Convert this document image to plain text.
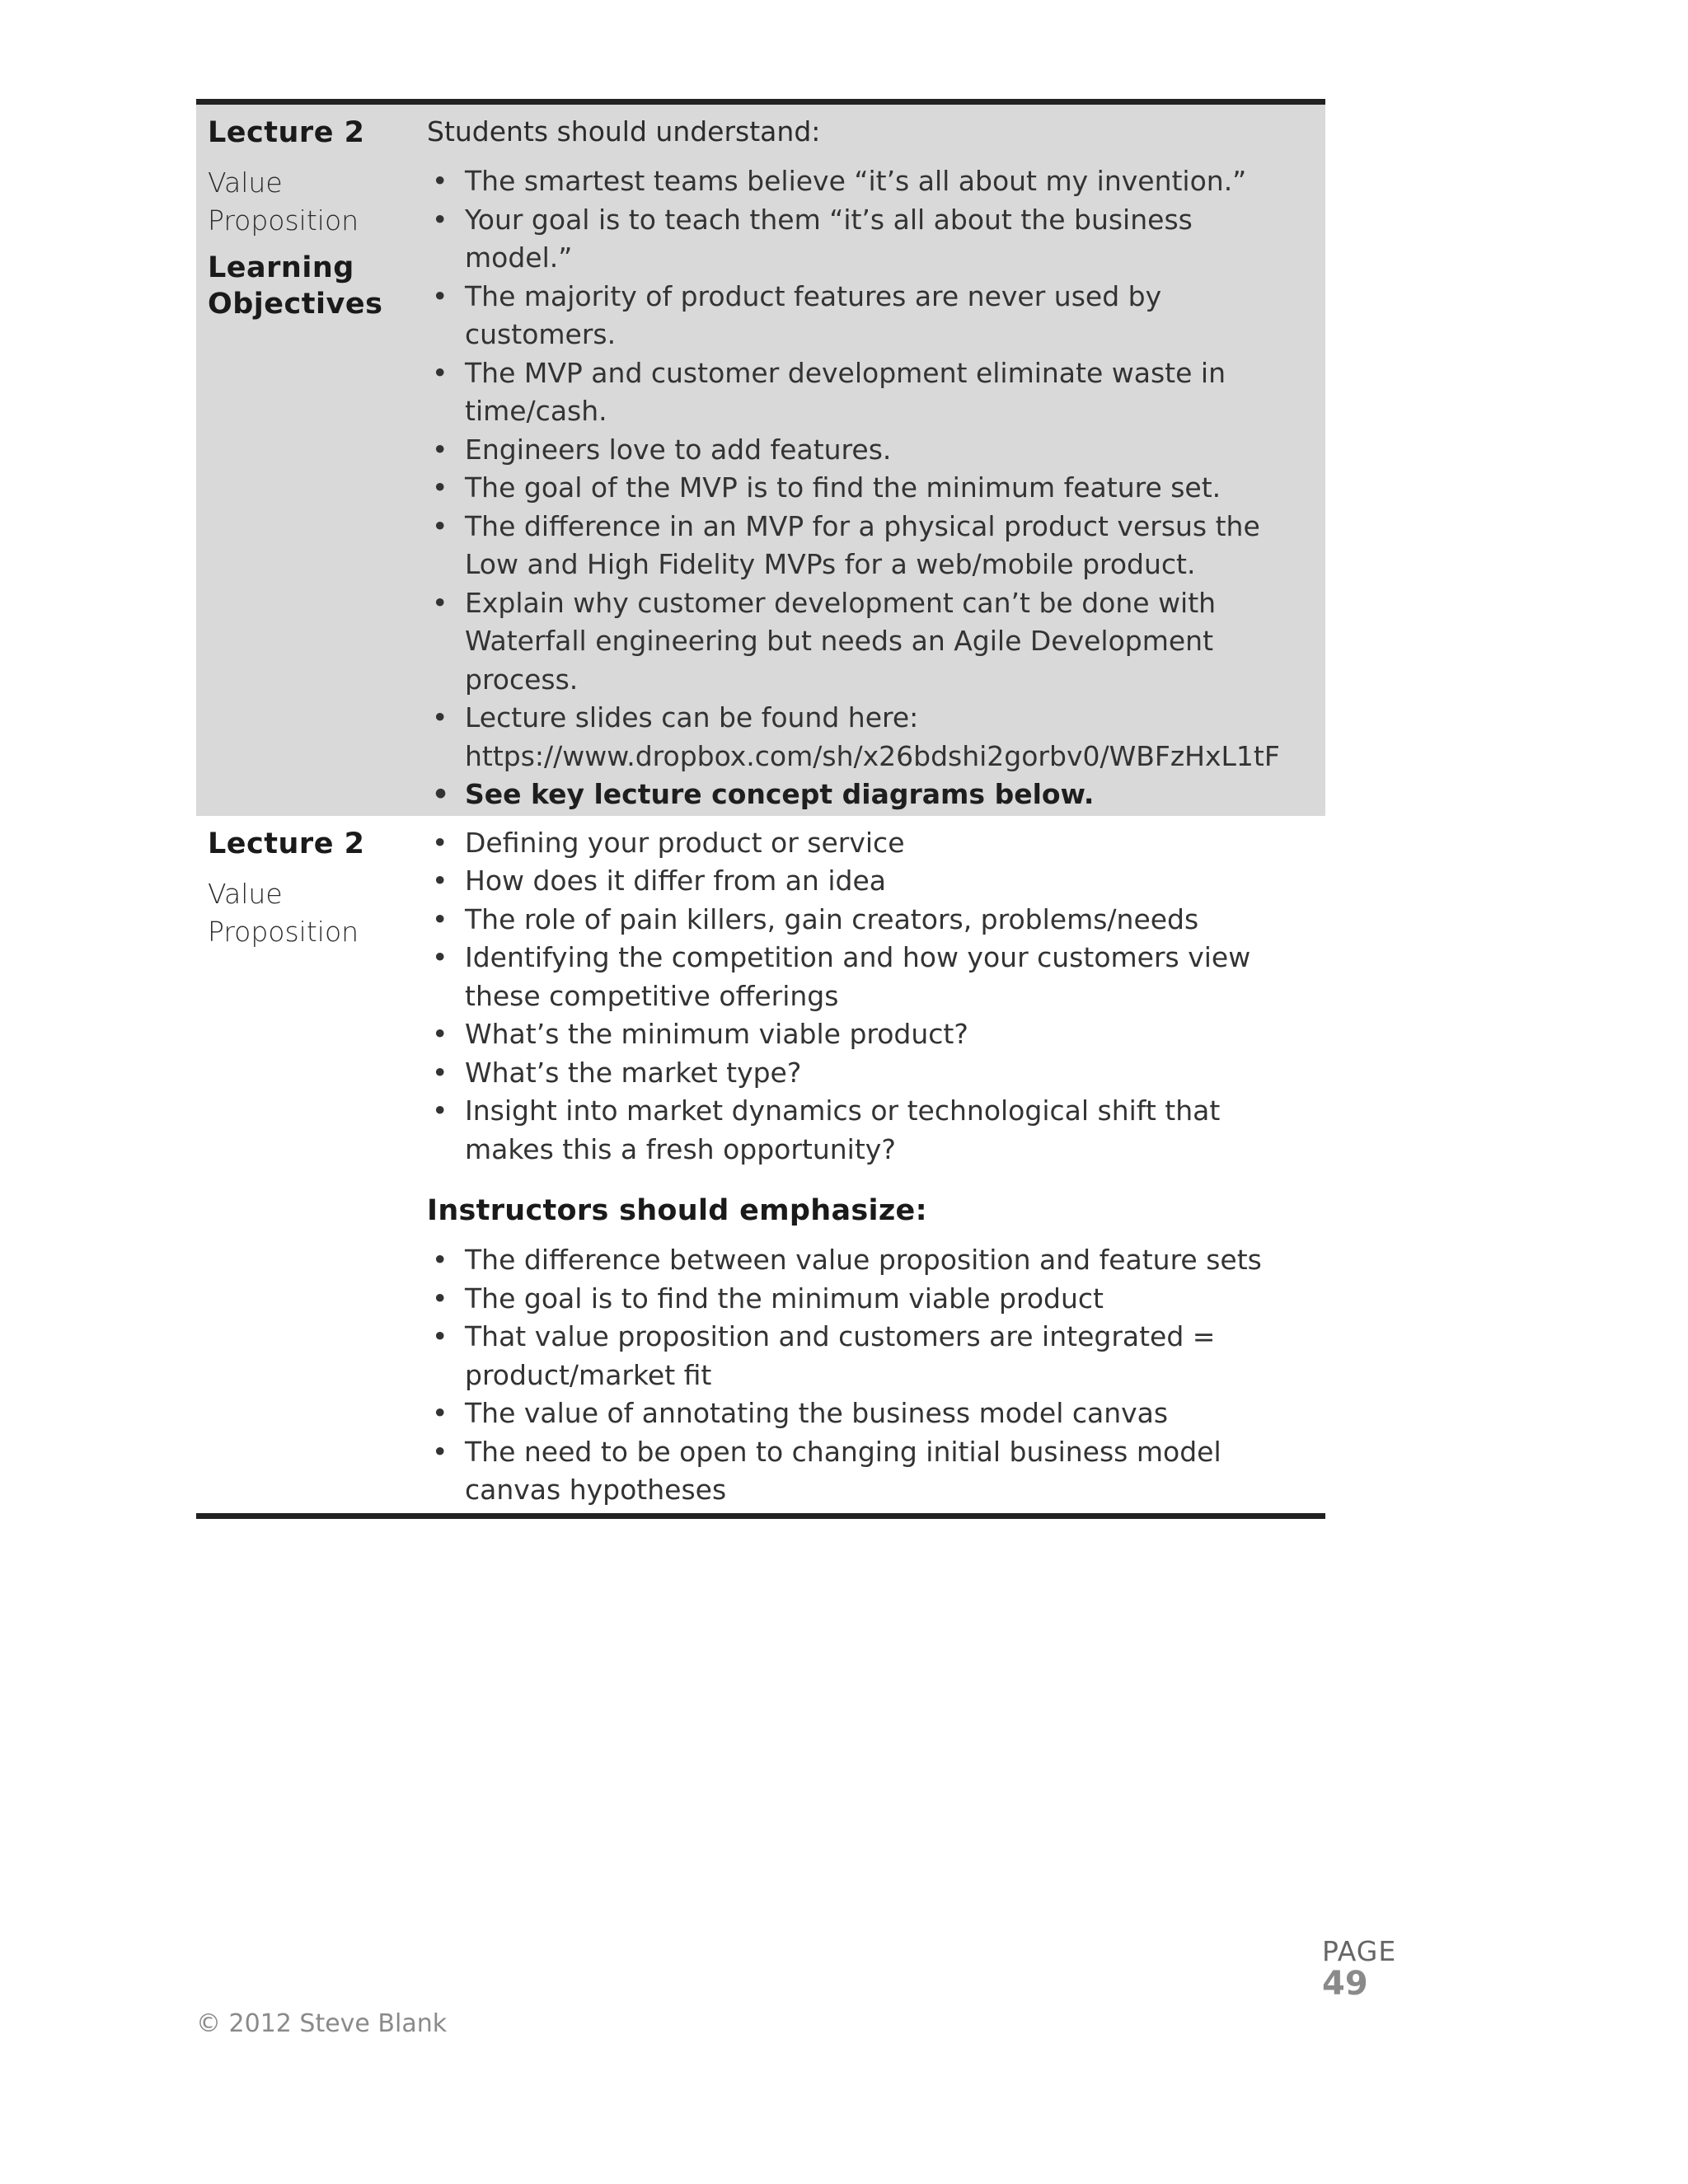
Lecture 2
Value
Proposition
Learning
Objectives
Students should understand:
• The smartest teams believe “it’s all about my invention.”
• Your goal is to teach them “it’s all about the business model.”
• The majority of product features are never used by customers.
• The MVP and customer development eliminate waste in time/cash.
• Engineers love to add features.
• The goal of the MVP is to find the minimum feature set.
• The difference in an MVP for a physical product versus the Low and High Fidelity MVPs for a web/mobile product.
• Explain why customer development can’t be done with Waterfall engineering but needs an Agile Development process.
• Lecture slides can be found here: https://www.dropbox.com/sh/x26bdshi2gorbv0/WBFzHxL1tF
• See key lecture concept diagrams below.
Lecture 2
Value
Proposition
• Defining your product or service
• How does it differ from an idea
• The role of pain killers, gain creators, problems/needs
• Identifying the competition and how your customers view these competitive offerings
• What’s the minimum viable product?
• What’s the market type?
• Insight into market dynamics or technological shift that makes this a fresh opportunity?
Instructors should emphasize:
• The difference between value proposition and feature sets
• The goal is to find the minimum viable product
• That value proposition and customers are integrated = product/market fit
• The value of annotating the business model canvas
• The need to be open to changing initial business model canvas hypotheses
PAGE
49
© 2012 Steve Blank
